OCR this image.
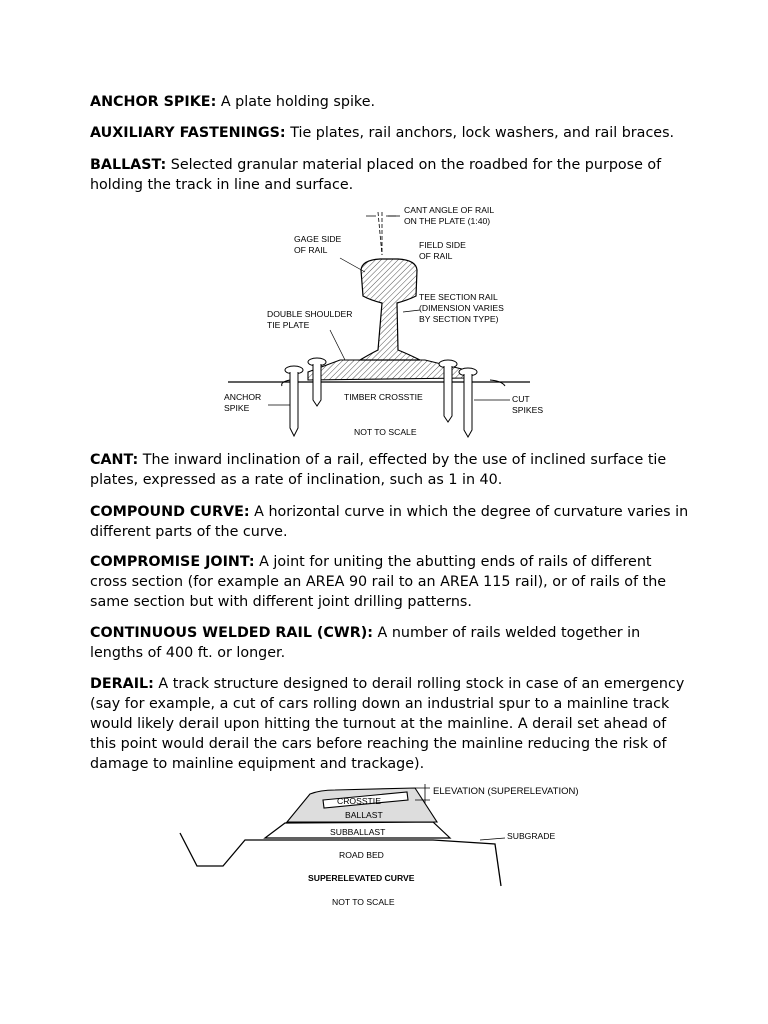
ANCHOR SPIKE: A plate holding spike.

AUXILIARY FASTENINGS: Tie plates, rail anchors, lock washers, and rail braces.

BALLAST: Selected granular material placed on the roadbed for the purpose of holding the track in line and surface.

CANT ANGLE OF RAIL
ON THE PLATE (1:40)
GAGE SIDE
OF RAIL	FIELD SIDE
OF RAIL
TEE SECTION RAIL
(DIMENSION VARIES
BY SECTION TYPE)
DOUBLE SHOULDER
TIE PLATE
ANCHOR
SPIKE
TIMBER CROSSTIE	CUT
SPIKES
NOT TO SCALE

CANT: The inward inclination of a rail, effected by the use of inclined surface tie plates, expressed as a rate of inclination, such as 1 in 40.

COMPOUND CURVE: A horizontal curve in which the degree of curvature varies in different parts of the curve.

COMPROMISE JOINT: A joint for uniting the abutting ends of rails of different cross section (for example an AREA 90 rail to an AREA 115 rail), or of rails of the same section but with different joint drilling patterns.

CONTINUOUS WELDED RAIL (CWR): A number of rails welded together in lengths of 400 ft. or longer.

DERAIL: A track structure designed to derail rolling stock in case of an emergency (say for example, a cut of cars rolling down an industrial spur to a mainline track would likely derail upon hitting the turnout at the mainline. A derail set ahead of this point would derail the cars before reaching the mainline reducing the risk of damage to mainline equipment and trackage).

ELEVATION (SUPERELEVATION)
CROSSTIE
BALLAST
SUBBALLAST	SUBGRADE
ROAD BED
SUPERELEVATED CURVE
NOT TO SCALE
